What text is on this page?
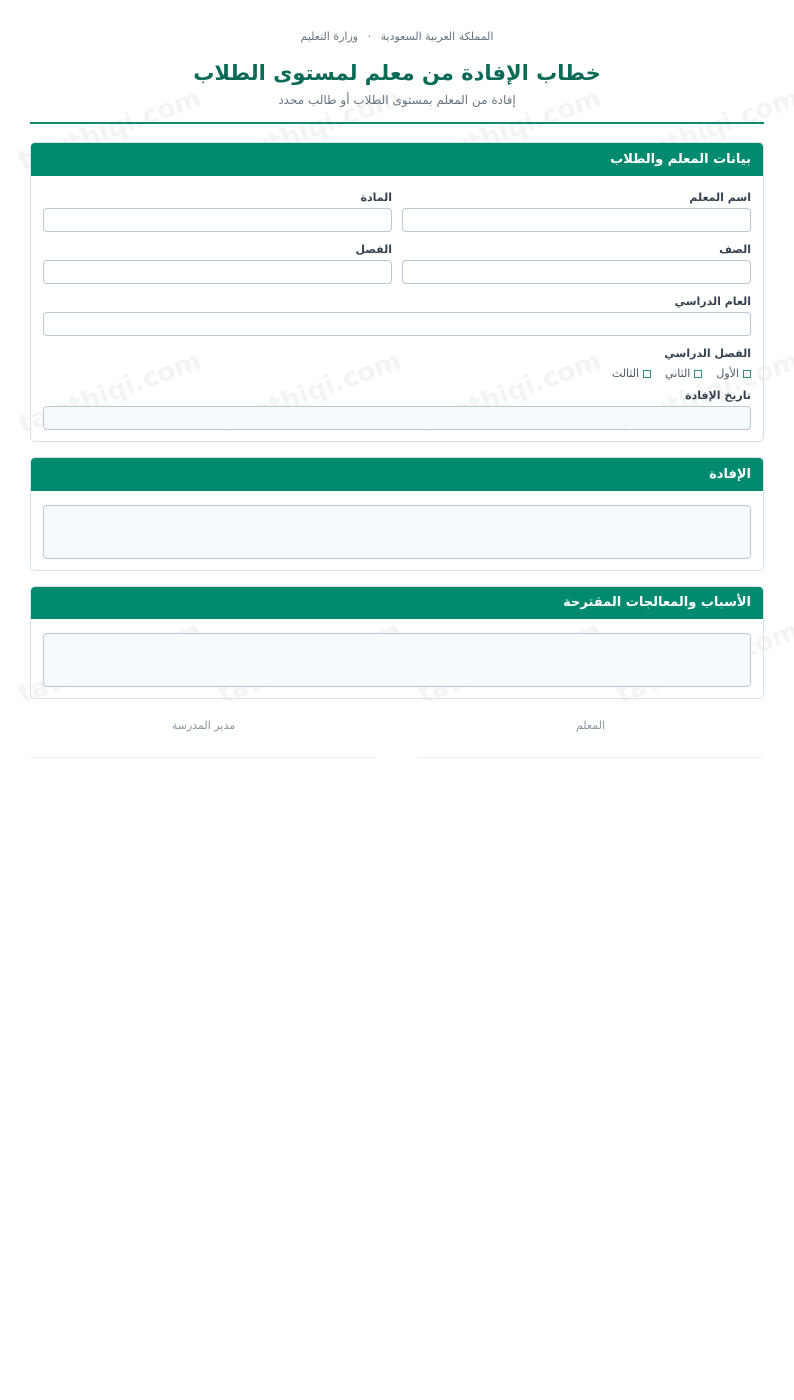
المملكة العربية السعودية · وزارة التعليم
خطاب الإفادة من معلم لمستوى الطلاب
إفادة من المعلم بمستوى الطلاب أو طالب محدد
بيانات المعلم والطلاب
اسم المعلم
المادة
الصف
الفصل
العام الدراسي
الفصل الدراسي
الأول
الثاني
الثالث
تاريخ الإفادة
الإفادة
الأسباب والمعالجات المقترحة
المعلم
مدير المدرسة
